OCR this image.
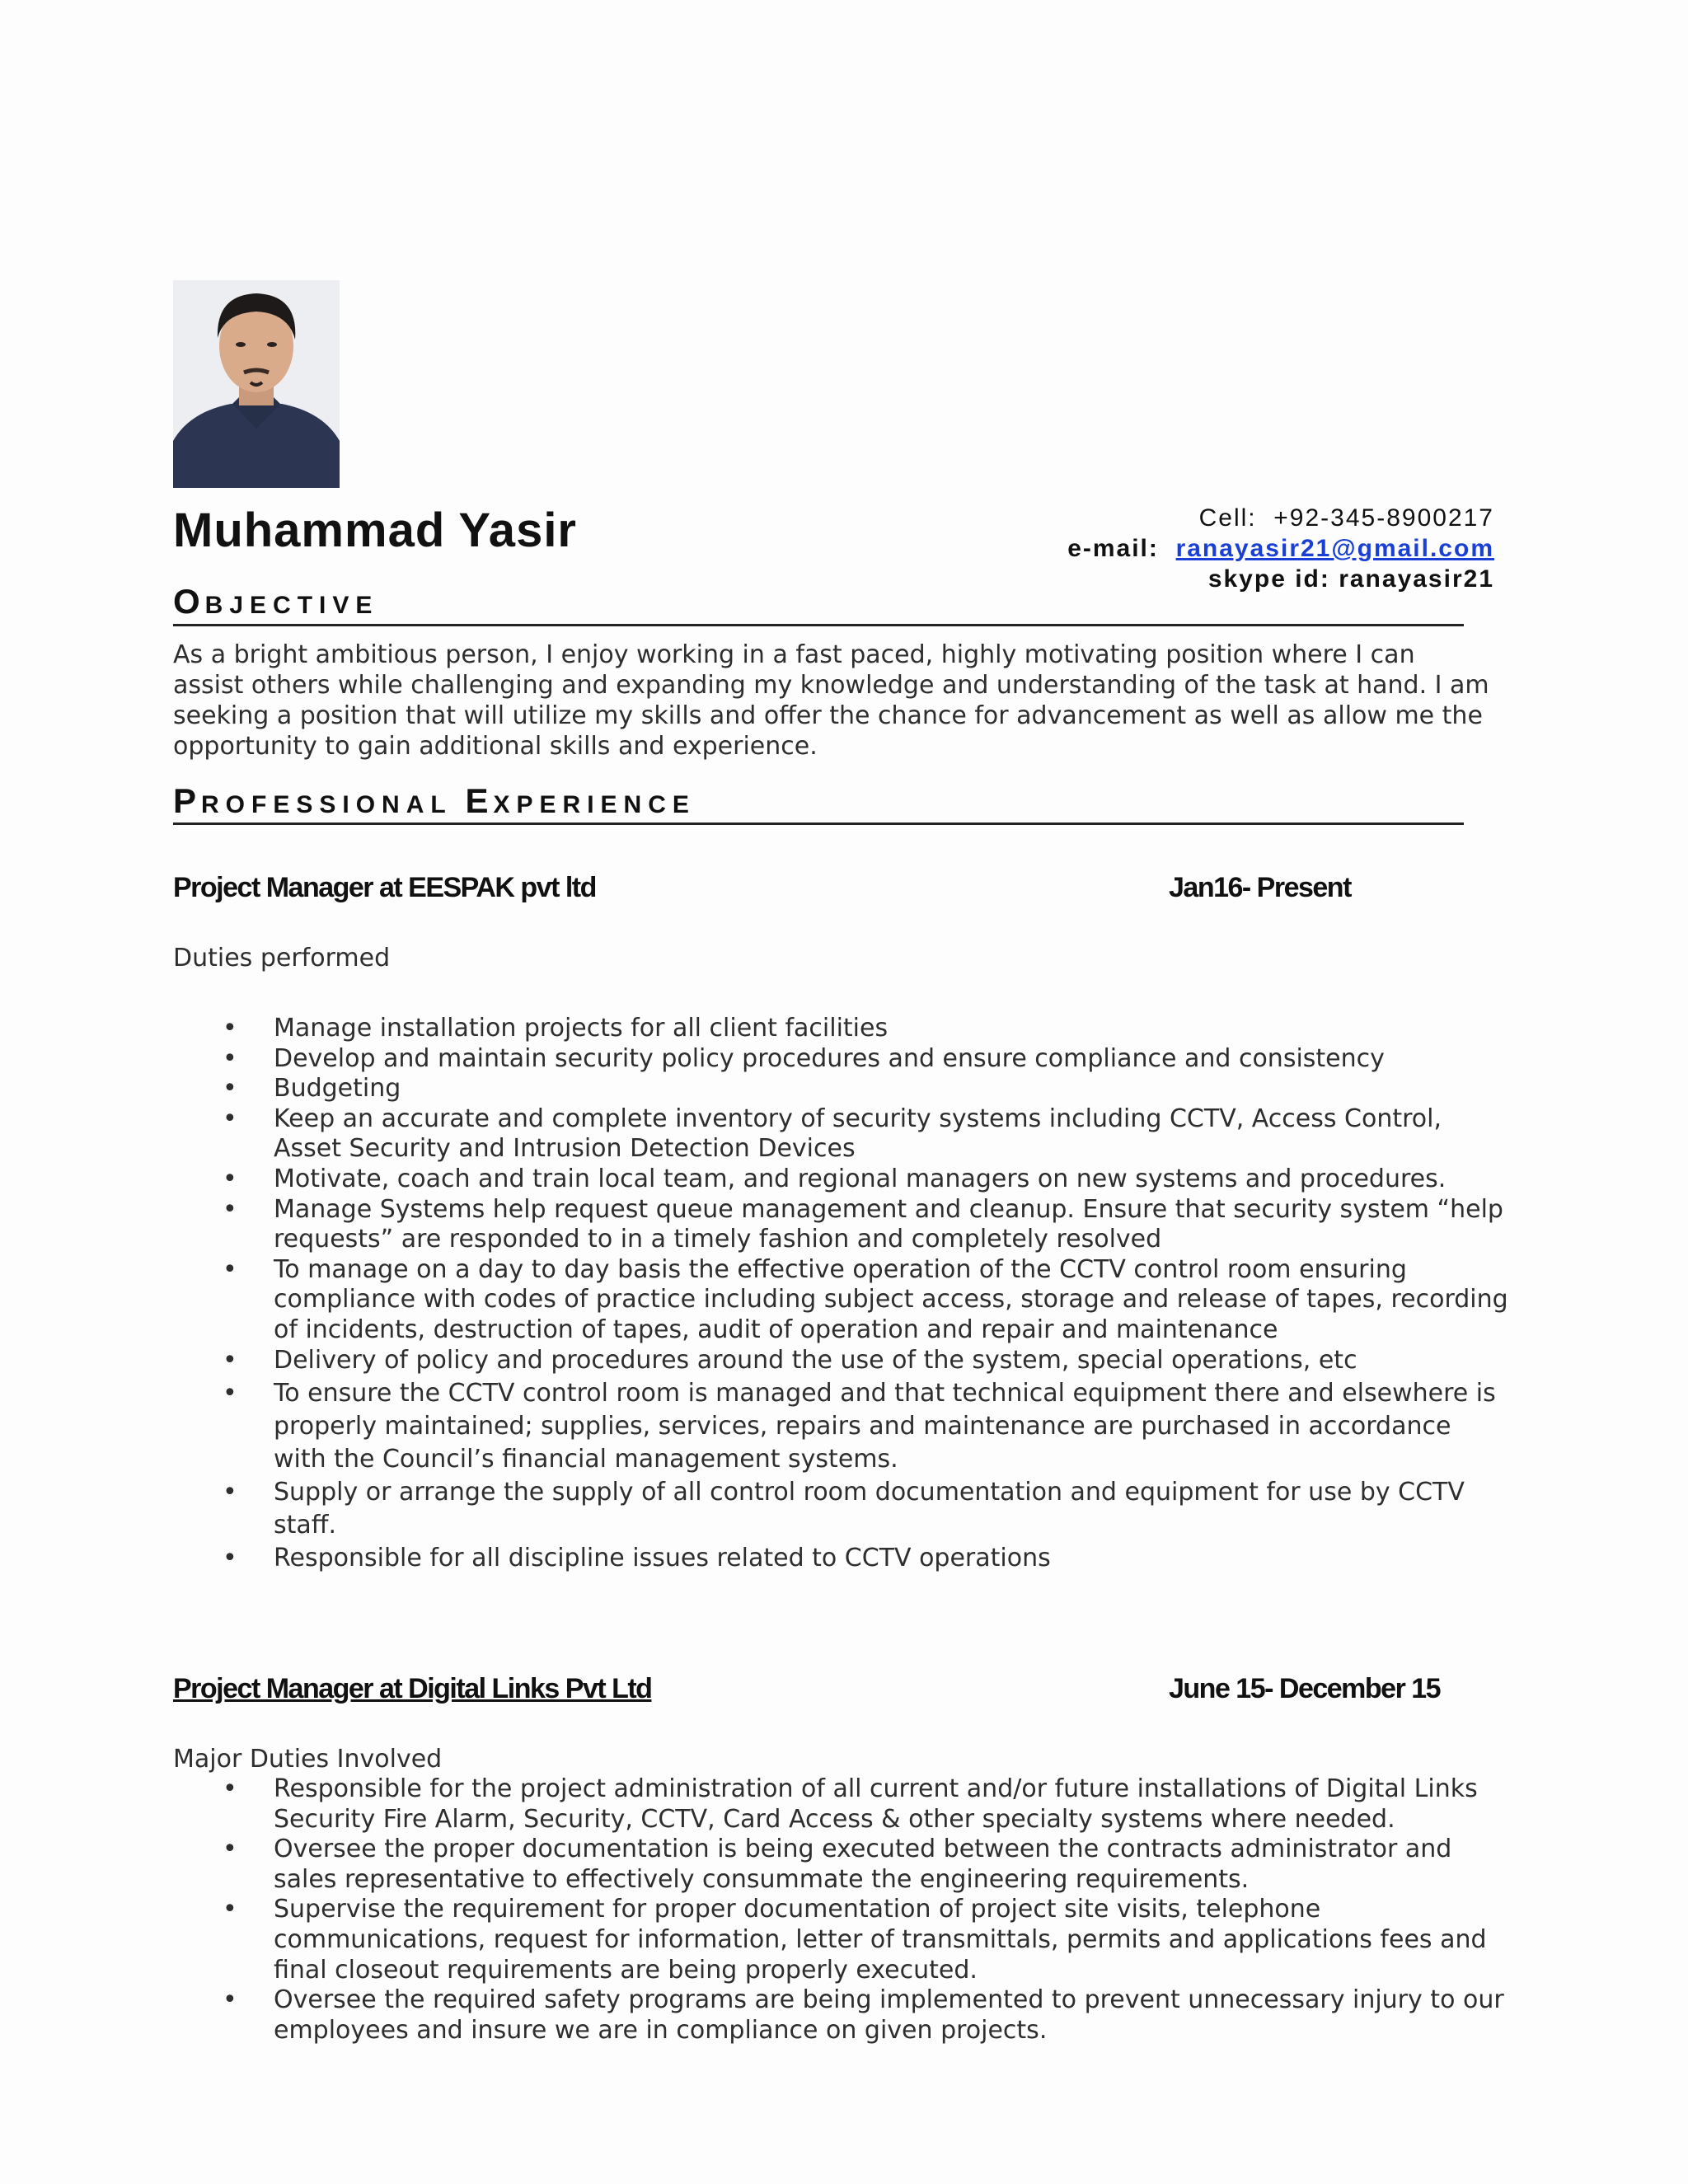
Muhammad Yasir	Cell: +92-345-8900217
e-mail: ranayasir21@gmail.com
skype id: ranayasir21
OBJECTIVE
As a bright ambitious person, I enjoy working in a fast paced, highly motivating position where I can assist others while challenging and expanding my knowledge and understanding of the task at hand. I am seeking a position that will utilize my skills and offer the chance for advancement as well as allow me the opportunity to gain additional skills and experience.
PROFESSIONAL EXPERIENCE
Project Manager at EESPAK pvt ltd	Jan16- Present
Duties performed
• Manage installation projects for all client facilities
• Develop and maintain security policy procedures and ensure compliance and consistency
• Budgeting
• Keep an accurate and complete inventory of security systems including CCTV, Access Control, Asset Security and Intrusion Detection Devices
• Motivate, coach and train local team, and regional managers on new systems and procedures.
• Manage Systems help request queue management and cleanup. Ensure that security system “help requests” are responded to in a timely fashion and completely resolved
• To manage on a day to day basis the effective operation of the CCTV control room ensuring compliance with codes of practice including subject access, storage and release of tapes, recording of incidents, destruction of tapes, audit of operation and repair and maintenance
• Delivery of policy and procedures around the use of the system, special operations, etc
• To ensure the CCTV control room is managed and that technical equipment there and elsewhere is properly maintained; supplies, services, repairs and maintenance are purchased in accordance with the Council’s financial management systems.
• Supply or arrange the supply of all control room documentation and equipment for use by CCTV staff.
• Responsible for all discipline issues related to CCTV operations
Project Manager at Digital Links Pvt Ltd	June 15- December 15
Major Duties Involved
• Responsible for the project administration of all current and/or future installations of Digital Links Security Fire Alarm, Security, CCTV, Card Access & other specialty systems where needed.
• Oversee the proper documentation is being executed between the contracts administrator and sales representative to effectively consummate the engineering requirements.
• Supervise the requirement for proper documentation of project site visits, telephone communications, request for information, letter of transmittals, permits and applications fees and final closeout requirements are being properly executed.
• Oversee the required safety programs are being implemented to prevent unnecessary injury to our employees and insure we are in compliance on given projects.
